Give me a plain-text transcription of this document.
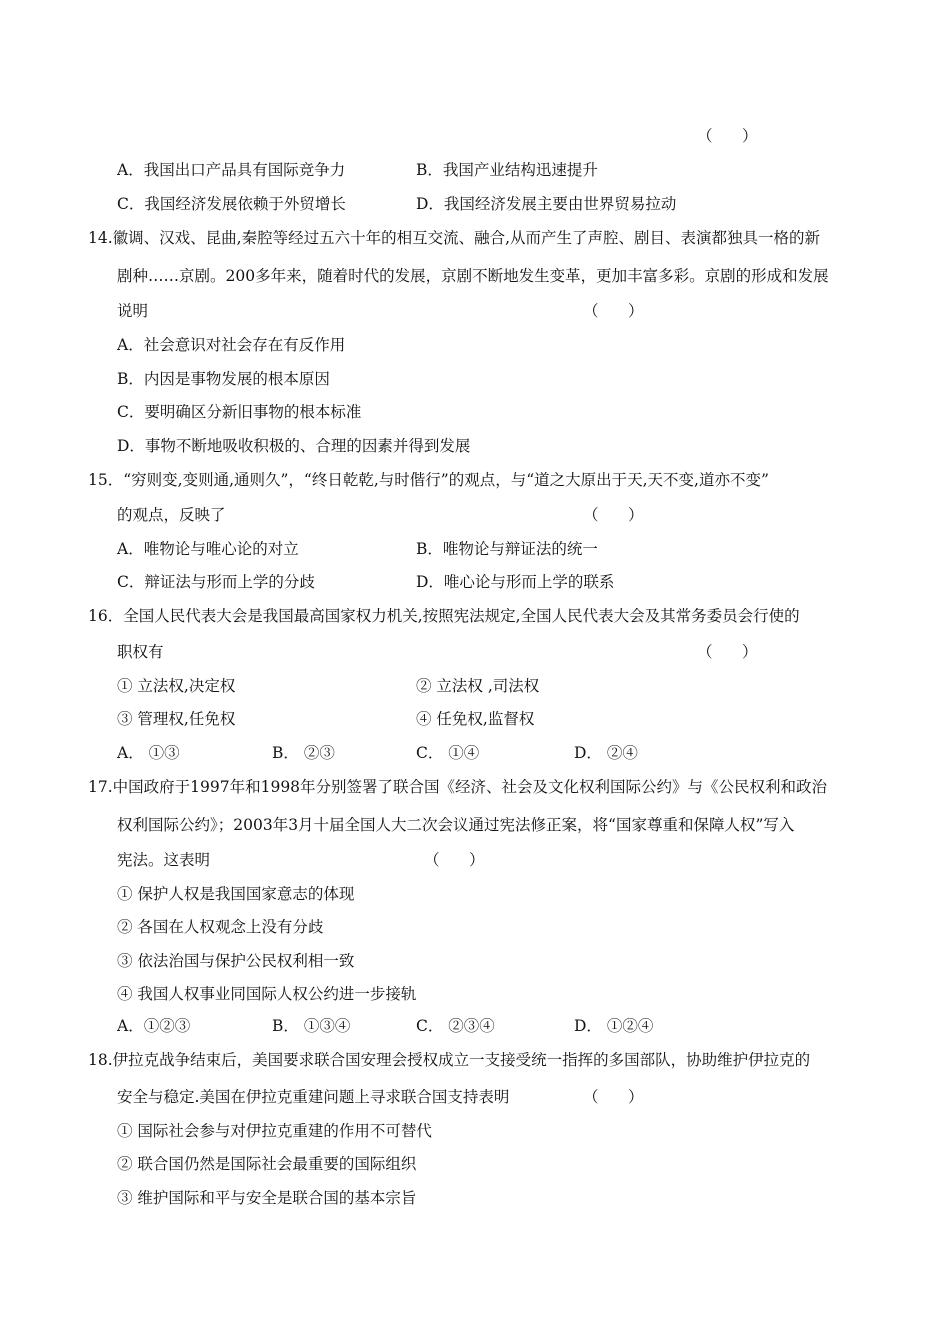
（      ）
A．我国出口产品具有国际竞争力	B．我国产业结构迅速提升
C．我国经济发展依赖于外贸增长	D．我国经济发展主要由世界贸易拉动
14.徽调、汉戏、昆曲,秦腔等经过五六十年的相互交流、融合,从而产生了声腔、剧目、表演都独具一格的新
剧种……京剧。200多年来，随着时代的发展，京剧不断地发生变革，更加丰富多彩。京剧的形成和发展
说明	（      ）
A．社会意识对社会存在有反作用
B．内因是事物发展的根本原因
C．要明确区分新旧事物的根本标准
D．事物不断地吸收积极的、合理的因素并得到发展
15．“穷则变,变则通,通则久”，“终日乾乾,与时偕行”的观点，与“道之大原出于天,天不变,道亦不变”
的观点，反映了	（      ）
A．唯物论与唯心论的对立	B．唯物论与辩证法的统一
C．辩证法与形而上学的分歧	D．唯心论与形而上学的联系
16．全国人民代表大会是我国最高国家权力机关,按照宪法规定,全国人民代表大会及其常务委员会行使的
职权有	（      ）
① 立法权,决定权	② 立法权 ,司法权
③ 管理权,任免权	④ 任免权,监督权
A． ①③	B． ②③	C． ①④	D． ②④
17.中国政府于1997年和1998年分别签署了联合国《经济、社会及文化权利国际公约》与《公民权利和政治
权利国际公约》；2003年3月十届全国人大二次会议通过宪法修正案，将“国家尊重和保障人权”写入
宪法。这表明	（      ）
① 保护人权是我国国家意志的体现
② 各国在人权观念上没有分歧
③ 依法治国与保护公民权利相一致
④ 我国人权事业同国际人权公约进一步接轨
A．①②③	B． ①③④	C． ②③④	D． ①②④
18.伊拉克战争结束后，美国要求联合国安理会授权成立一支接受统一指挥的多国部队，协助维护伊拉克的
安全与稳定.美国在伊拉克重建问题上寻求联合国支持表明	（      ）
① 国际社会参与对伊拉克重建的作用不可替代
② 联合国仍然是国际社会最重要的国际组织
③ 维护国际和平与安全是联合国的基本宗旨
